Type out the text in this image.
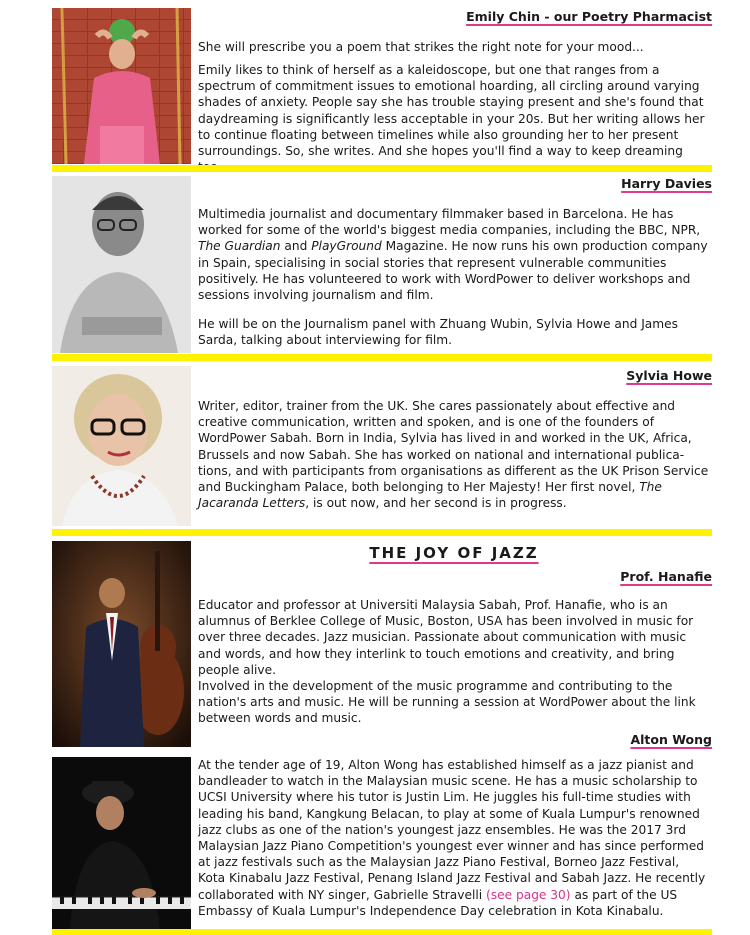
Emily Chin - our Poetry Pharmacist

She will prescribe you a poem that strikes the right note for your mood...

Emily likes to think of herself as a kaleidoscope, but one that ranges from a spectrum of commitment issues to emotional hoarding, all circling around varying shades of anxiety. People say she has trouble staying present and she's found that daydreaming is significantly less acceptable in your 20s. But her writing allows her to continue floating between timelines while also grounding her to her present surroundings. So, she writes. And she hopes you'll find a way to keep dreaming

Harry Davies

Multimedia journalist and documentary filmmaker based in Barcelona. He has worked for some of the world's biggest media companies, including the BBC, NPR, The Guardian and PlayGround Magazine. He now runs his own production company in Spain, specialising in social stories that represent vulnerable communities positively. He has volunteered to work with WordPower to deliver workshops and sessions involving journalism and film.

He will be on the Journalism panel with Zhuang Wubin, Sylvia Howe and James Sarda, talking about interviewing for film.

Sylvia Howe

Writer, editor, trainer from the UK. She cares passionately about effective and creative communication, written and spoken, and is one of the founders of WordPower Sabah. Born in India, Sylvia has lived in and worked in the UK, Africa, Brussels and now Sabah. She has worked on national and international publica-tions, and with participants from organisations as different as the UK Prison Service and Buckingham Palace, both belonging to Her Majesty! Her first novel, The Jacaranda Letters, is out now, and her second is in progress.

THE JOY OF JAZZ
Prof. Hanafie

Educator and professor at Universiti Malaysia Sabah, Prof. Hanafie, who is an alumnus of Berklee College of Music, Boston, USA has been involved in music for over three decades. Jazz musician. Passionate about communication with music and words, and how they interlink to touch emotions and creativity, and bring people alive.

Involved in the development of the music programme and contributing to the nation's arts and music. He will be running a session at WordPower about the link between words and music.

Alton Wong

At the tender age of 19, Alton Wong has established himself as a jazz pianist and bandleader to watch in the Malaysian music scene. He has a music scholarship to UCSI University where his tutor is Justin Lim. He juggles his full-time studies with leading his band, Kangkung Belacan, to play at some of Kuala Lumpur's renowned jazz clubs as one of the nation's youngest jazz ensembles. He was the 2017 3rd Malaysian Jazz Piano Competition's youngest ever winner and has since performed at jazz festivals such as the Malaysian Jazz Piano Festival, Borneo Jazz Festival, Kota Kinabalu Jazz Festival, Penang Island Jazz Festival and Sabah Jazz. He recently collaborated with NY singer, Gabrielle Stravelli (see page 30) as part of the US Embassy of Kuala Lumpur's Independence Day celebration in Kota Kinabalu.
